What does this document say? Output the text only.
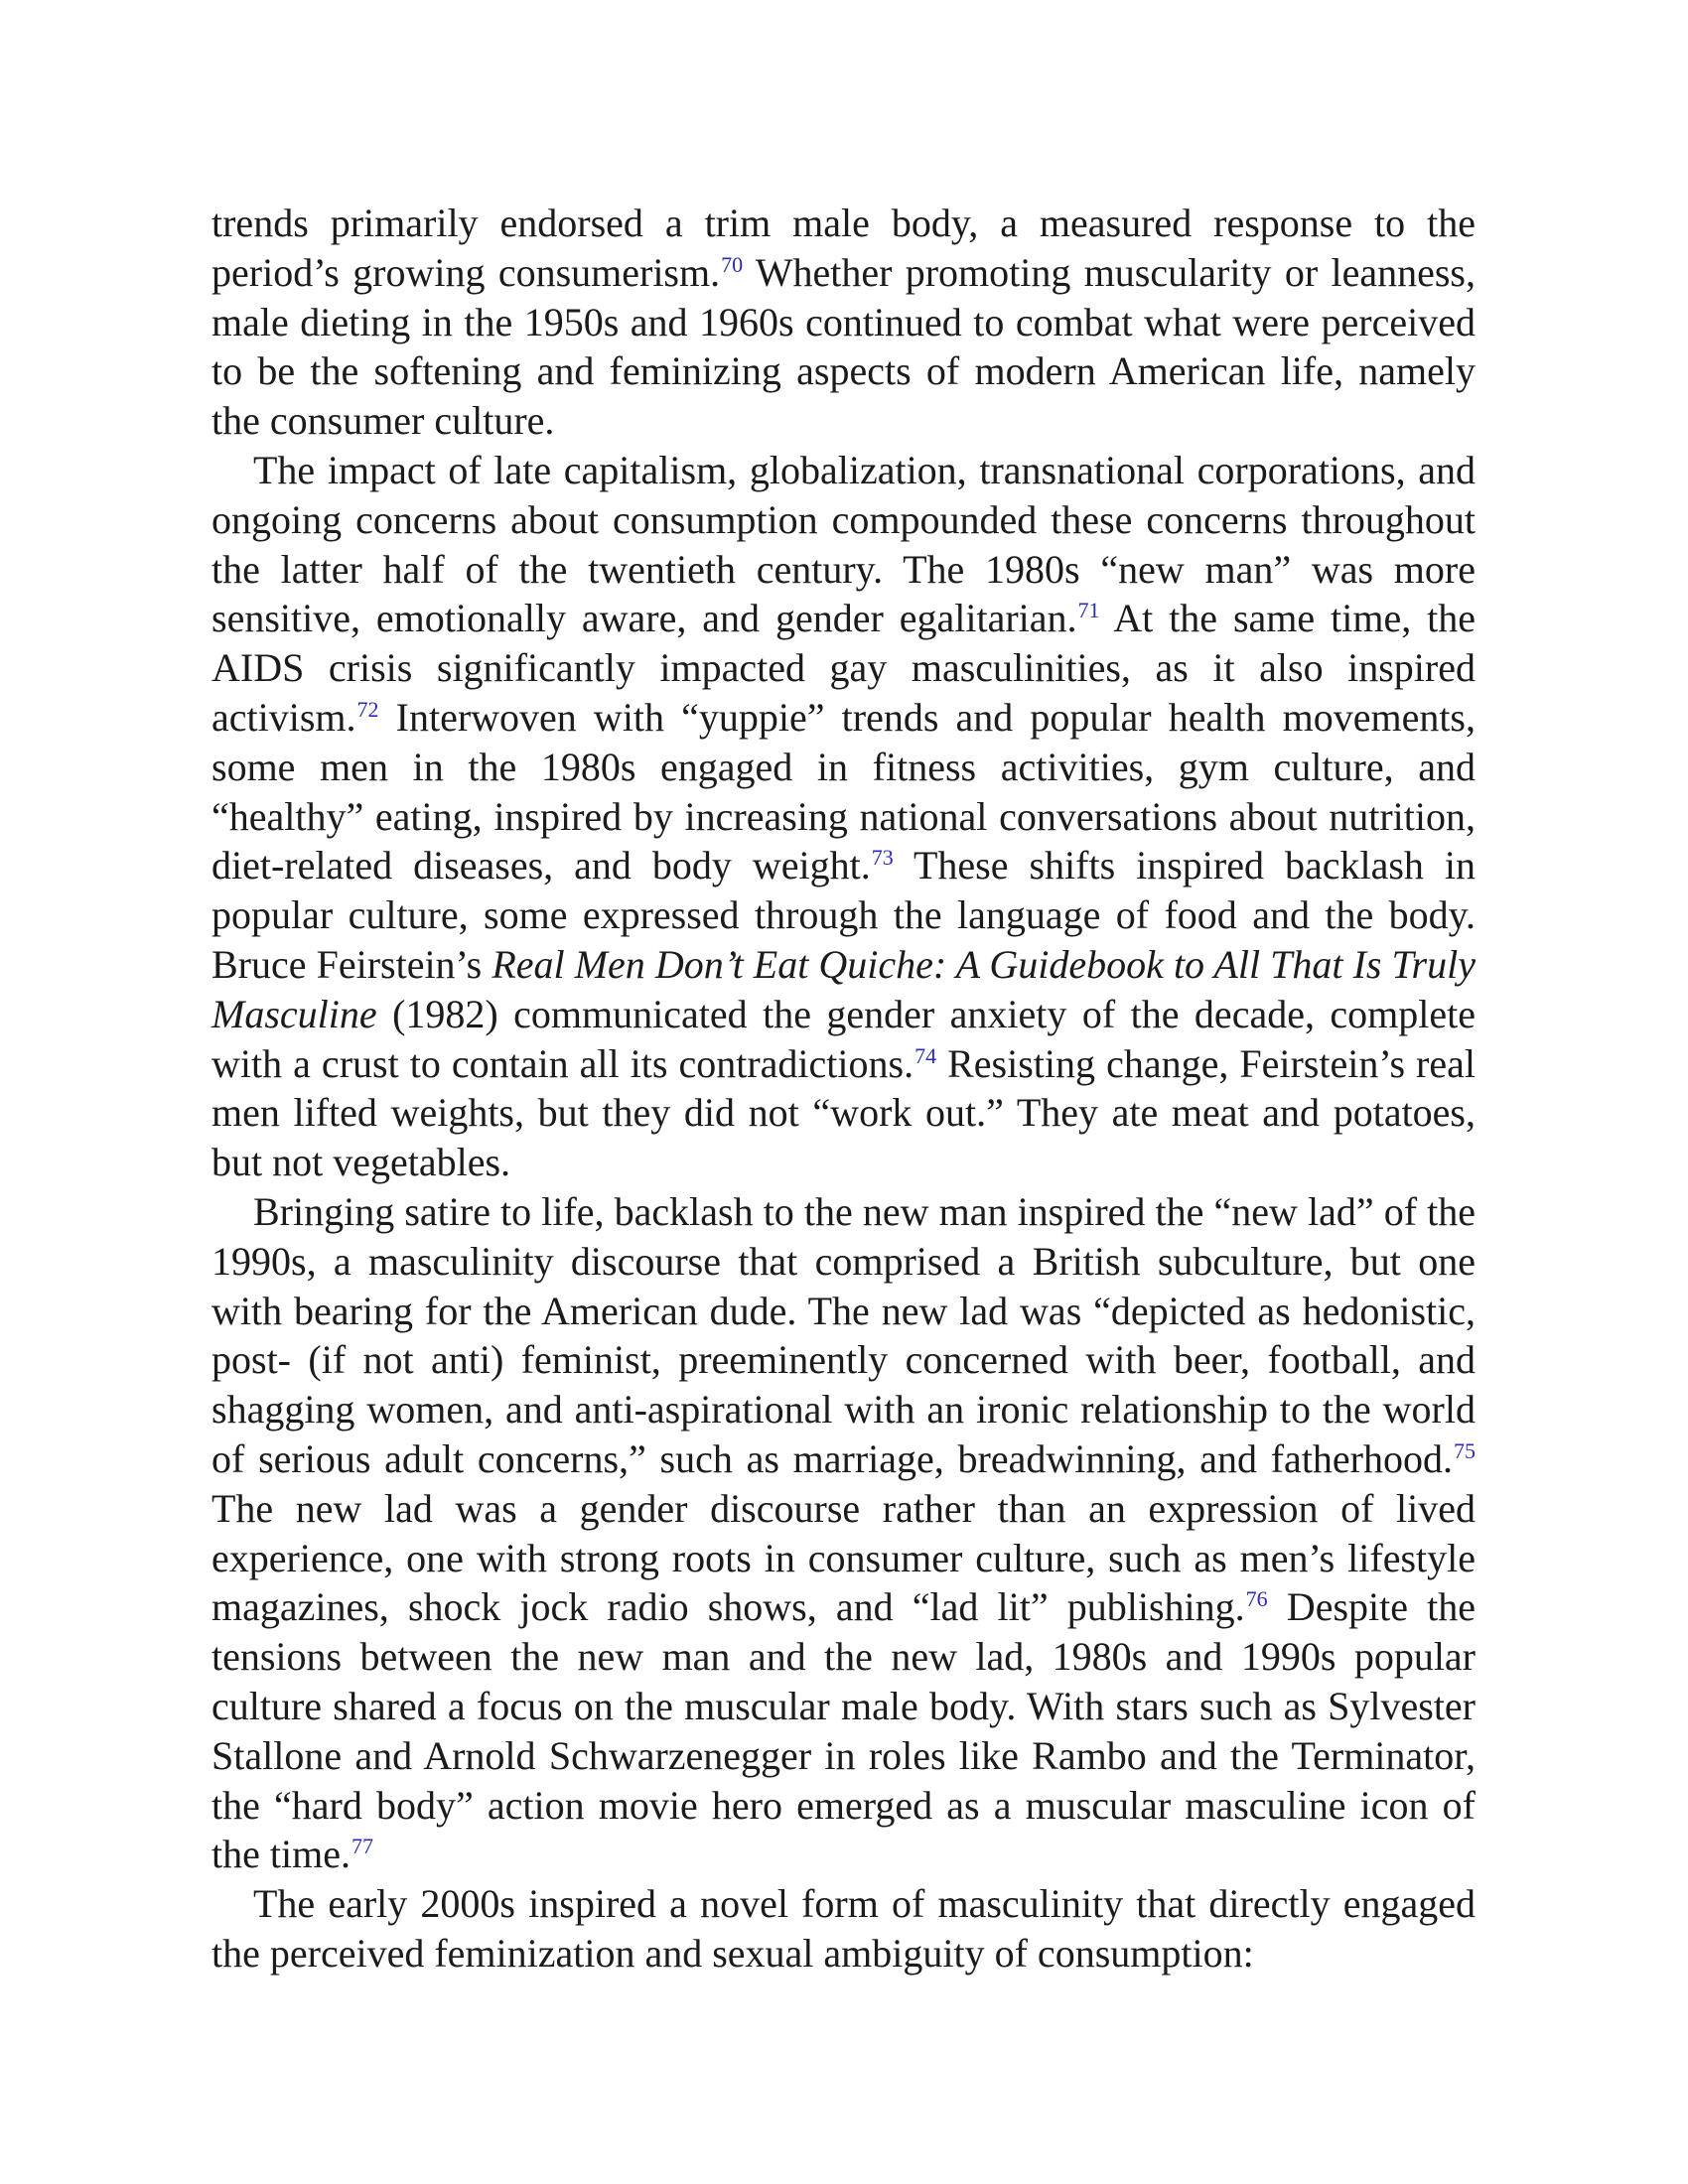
trends primarily endorsed a trim male body, a measured response to the period’s growing consumerism.$^{70}$ Whether promoting muscularity or leanness, male dieting in the 1950s and 1960s continued to combat what were perceived to be the softening and feminizing aspects of modern American life, namely the consumer culture.

The impact of late capitalism, globalization, transnational corporations, and ongoing concerns about consumption compounded these concerns throughout the latter half of the twentieth century. The 1980s “new man” was more sensitive, emotionally aware, and gender egalitarian.$^{71}$ At the same time, the AIDS crisis significantly impacted gay masculinities, as it also inspired activism.$^{72}$ Interwoven with “yuppie” trends and popular health movements, some men in the 1980s engaged in fitness activities, gym culture, and “healthy” eating, inspired by increasing national conversations about nutrition, diet-related diseases, and body weight.$^{73}$ These shifts inspired backlash in popular culture, some expressed through the language of food and the body. Bruce Feirstein’s Real Men Don’t Eat Quiche: A Guidebook to All That Is Truly Masculine (1982) communicated the gender anxiety of the decade, complete with a crust to contain all its contradictions.$^{74}$ Resisting change, Feirstein’s real men lifted weights, but they did not “work out.” They ate meat and potatoes, but not vegetables.

Bringing satire to life, backlash to the new man inspired the “new lad” of the 1990s, a masculinity discourse that comprised a British subculture, but one with bearing for the American dude. The new lad was “depicted as hedonistic, post- (if not anti) feminist, preeminently concerned with beer, football, and shagging women, and anti-aspirational with an ironic relationship to the world of serious adult concerns,” such as marriage, breadwinning, and fatherhood.$^{75}$ The new lad was a gender discourse rather than an expression of lived experience, one with strong roots in consumer culture, such as men’s lifestyle magazines, shock jock radio shows, and “lad lit” publishing.$^{76}$ Despite the tensions between the new man and the new lad, 1980s and 1990s popular culture shared a focus on the muscular male body. With stars such as Sylvester Stallone and Arnold Schwarzenegger in roles like Rambo and the Terminator, the “hard body” action movie hero emerged as a muscular masculine icon of the time.$^{77}$

The early 2000s inspired a novel form of masculinity that directly engaged the perceived feminization and sexual ambiguity of consumption:
